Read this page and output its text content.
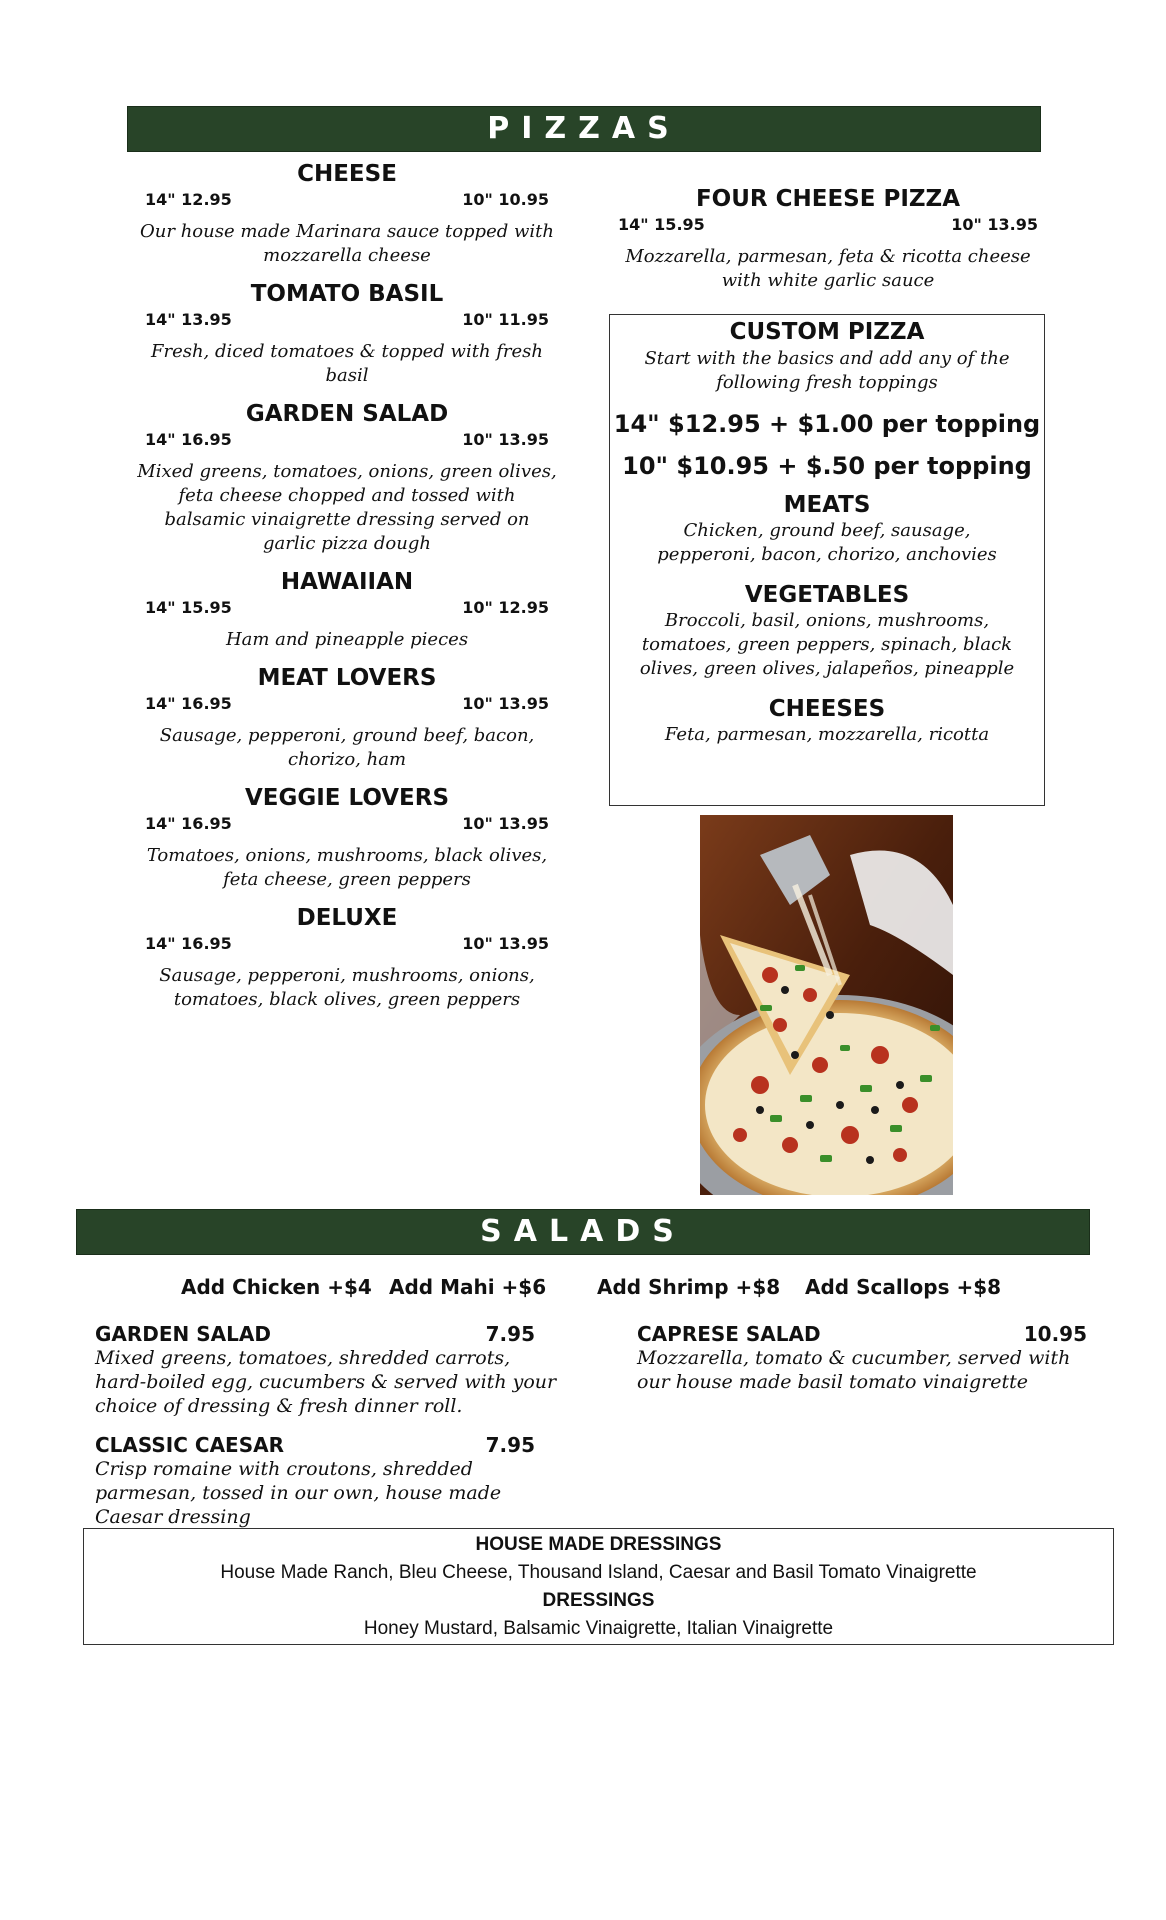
PIZZAS
CHEESE
14" 12.95	10" 10.95
Our house made Marinara sauce topped with mozzarella cheese
TOMATO BASIL
14" 13.95	10" 11.95
Fresh, diced tomatoes & topped with fresh basil
GARDEN SALAD
14" 16.95	10" 13.95
Mixed greens, tomatoes, onions, green olives, feta cheese chopped and tossed with balsamic vinaigrette dressing served on garlic pizza dough
HAWAIIAN
14" 15.95	10" 12.95
Ham and pineapple pieces
MEAT LOVERS
14" 16.95	10" 13.95
Sausage, pepperoni, ground beef, bacon, chorizo, ham
VEGGIE LOVERS
14" 16.95	10" 13.95
Tomatoes, onions, mushrooms, black olives, feta cheese, green peppers
DELUXE
14" 16.95	10" 13.95
Sausage, pepperoni, mushrooms, onions, tomatoes, black olives, green peppers
FOUR CHEESE PIZZA
14" 15.95	10" 13.95
Mozzarella, parmesan, feta & ricotta cheese with white garlic sauce
CUSTOM PIZZA
Start with the basics and add any of the following fresh toppings
14" $12.95 + $1.00 per topping
10" $10.95 + $.50 per topping
MEATS
Chicken, ground beef, sausage, pepperoni, bacon, chorizo, anchovies
VEGETABLES
Broccoli, basil, onions, mushrooms, tomatoes, green peppers, spinach, black olives, green olives, jalapeños, pineapple
CHEESES
Feta, parmesan, mozzarella, ricotta
SALADS
Add Chicken +$4 Add Mahi +$6	Add Shrimp +$8 Add Scallops +$8
GARDEN SALAD	7.95
Mixed greens, tomatoes, shredded carrots, hard-boiled egg, cucumbers & served with your choice of dressing & fresh dinner roll.
CLASSIC CAESAR	7.95
Crisp romaine with croutons, shredded parmesan, tossed in our own, house made Caesar dressing
CAPRESE SALAD	10.95
Mozzarella, tomato & cucumber, served with our house made basil tomato vinaigrette
HOUSE MADE DRESSINGS
House Made Ranch, Bleu Cheese, Thousand Island, Caesar and Basil Tomato Vinaigrette
DRESSINGS
Honey Mustard, Balsamic Vinaigrette, Italian Vinaigrette
